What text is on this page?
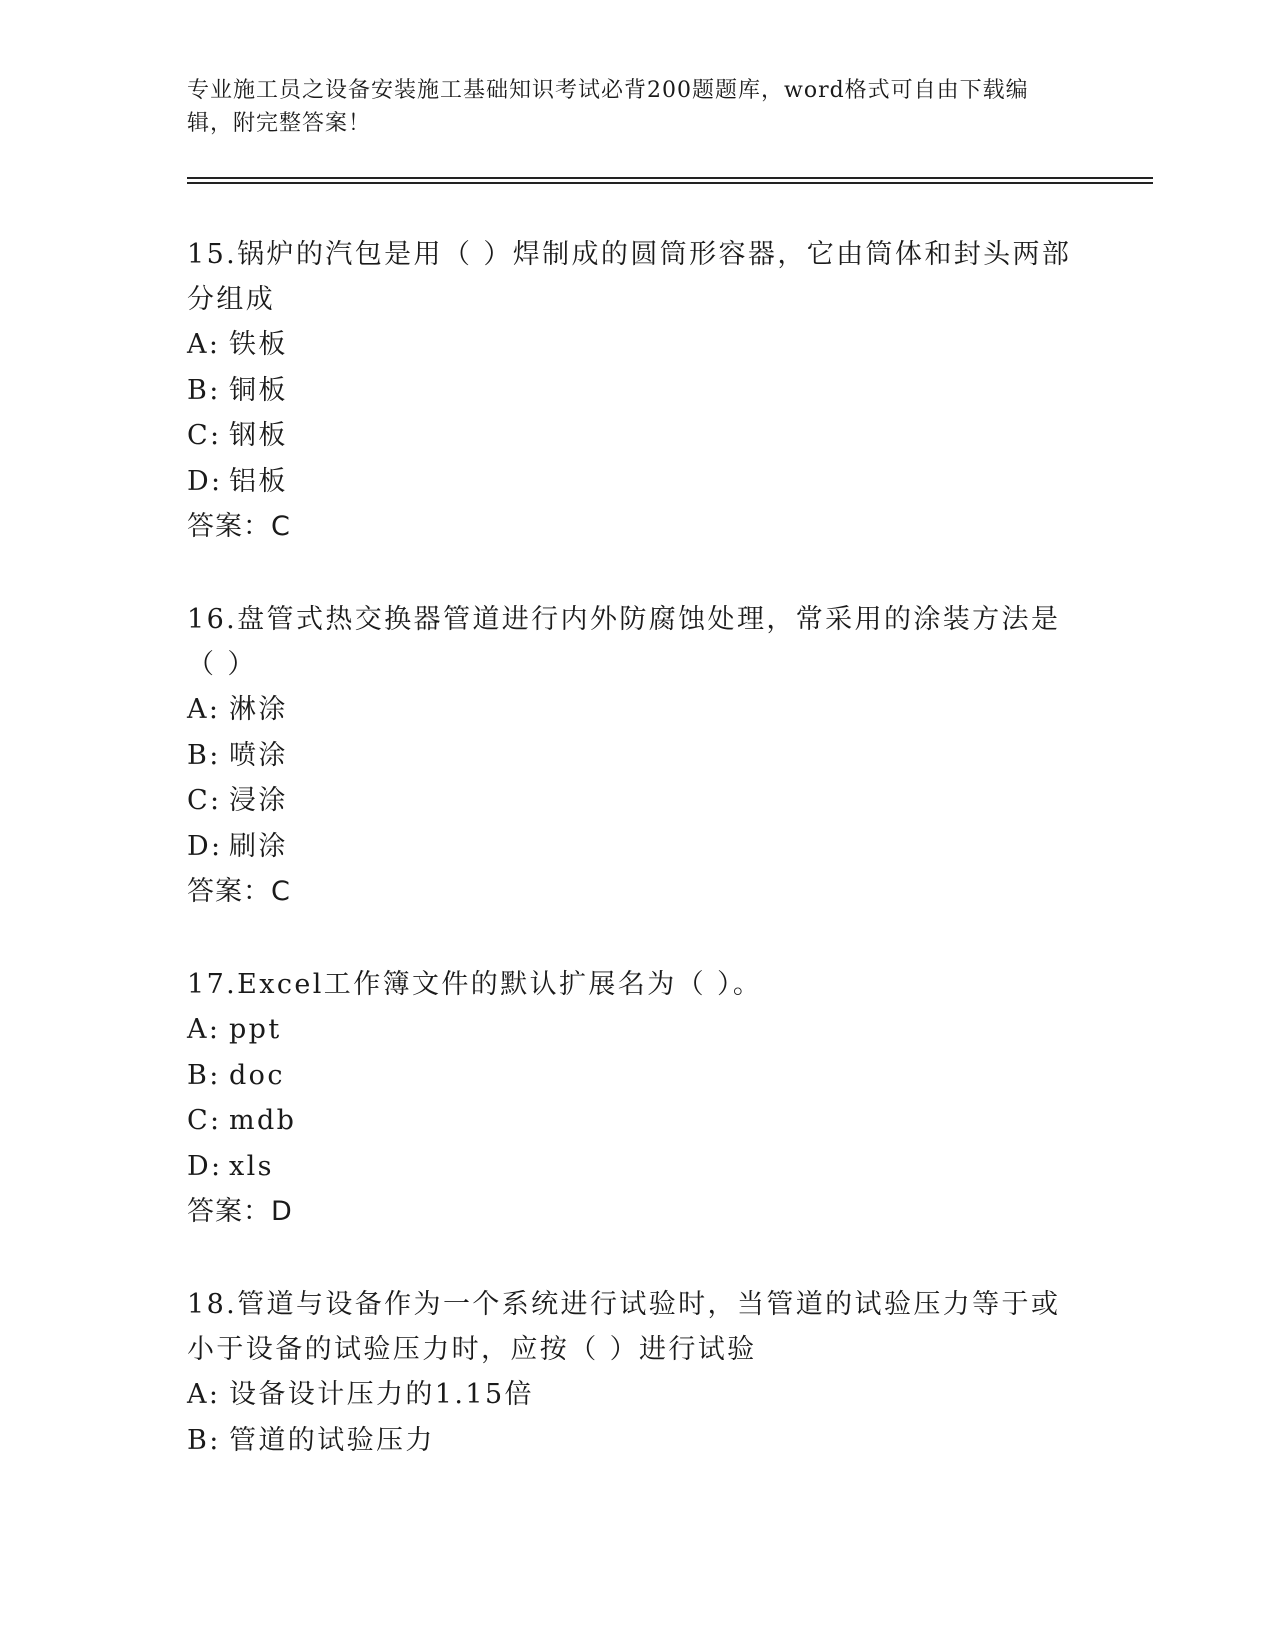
专业施工员之设备安装施工基础知识考试必背200题题库，word格式可自由下载编辑，附完整答案！

15.锅炉的汽包是用（ ）焊制成的圆筒形容器，它由筒体和封头两部分组成

A: 铁板
B: 铜板
C: 钢板
D: 铝板
答案：C

16.盘管式热交换器管道进行内外防腐蚀处理，常采用的涂装方法是（ ）

A: 淋涂
B: 喷涂
C: 浸涂
D: 刷涂
答案：C

17.Excel工作簿文件的默认扩展名为（ ）。

A: ppt
B: doc
C: mdb
D: xls
答案：D

18.管道与设备作为一个系统进行试验时，当管道的试验压力等于或小于设备的试验压力时，应按（ ）进行试验

A: 设备设计压力的1.15倍
B: 管道的试验压力
